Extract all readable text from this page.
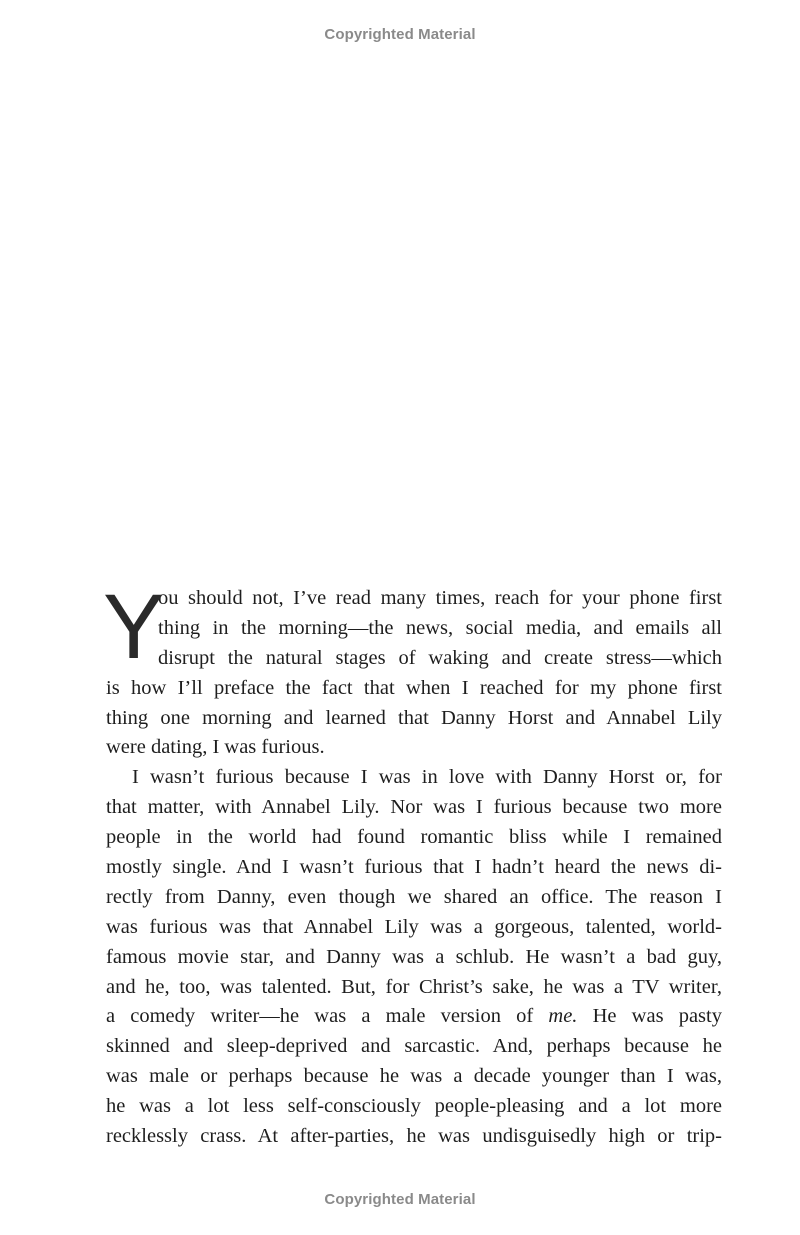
Copyrighted Material
Y
ou should not, I’ve read many times, reach for your phone first
thing in the morning—the news, social media, and emails all
disrupt the natural stages of waking and create stress—which
is how I’ll preface the fact that when I reached for my phone first
thing one morning and learned that Danny Horst and Annabel Lily
were dating, I was furious.
I wasn’t furious because I was in love with Danny Horst or, for
that matter, with Annabel Lily. Nor was I furious because two more
people in the world had found romantic bliss while I remained
mostly single. And I wasn’t furious that I hadn’t heard the news di-
rectly from Danny, even though we shared an office. The reason I
was furious was that Annabel Lily was a gorgeous, talented, world-
famous movie star, and Danny was a schlub. He wasn’t a bad guy,
and he, too, was talented. But, for Christ’s sake, he was a TV writer,
a comedy writer—he was a male version of me. He was pasty
skinned and sleep-deprived and sarcastic. And, perhaps because he
was male or perhaps because he was a decade younger than I was,
he was a lot less self-consciously people-pleasing and a lot more
recklessly crass. At after-parties, he was undisguisedly high or trip-
Copyrighted Material
